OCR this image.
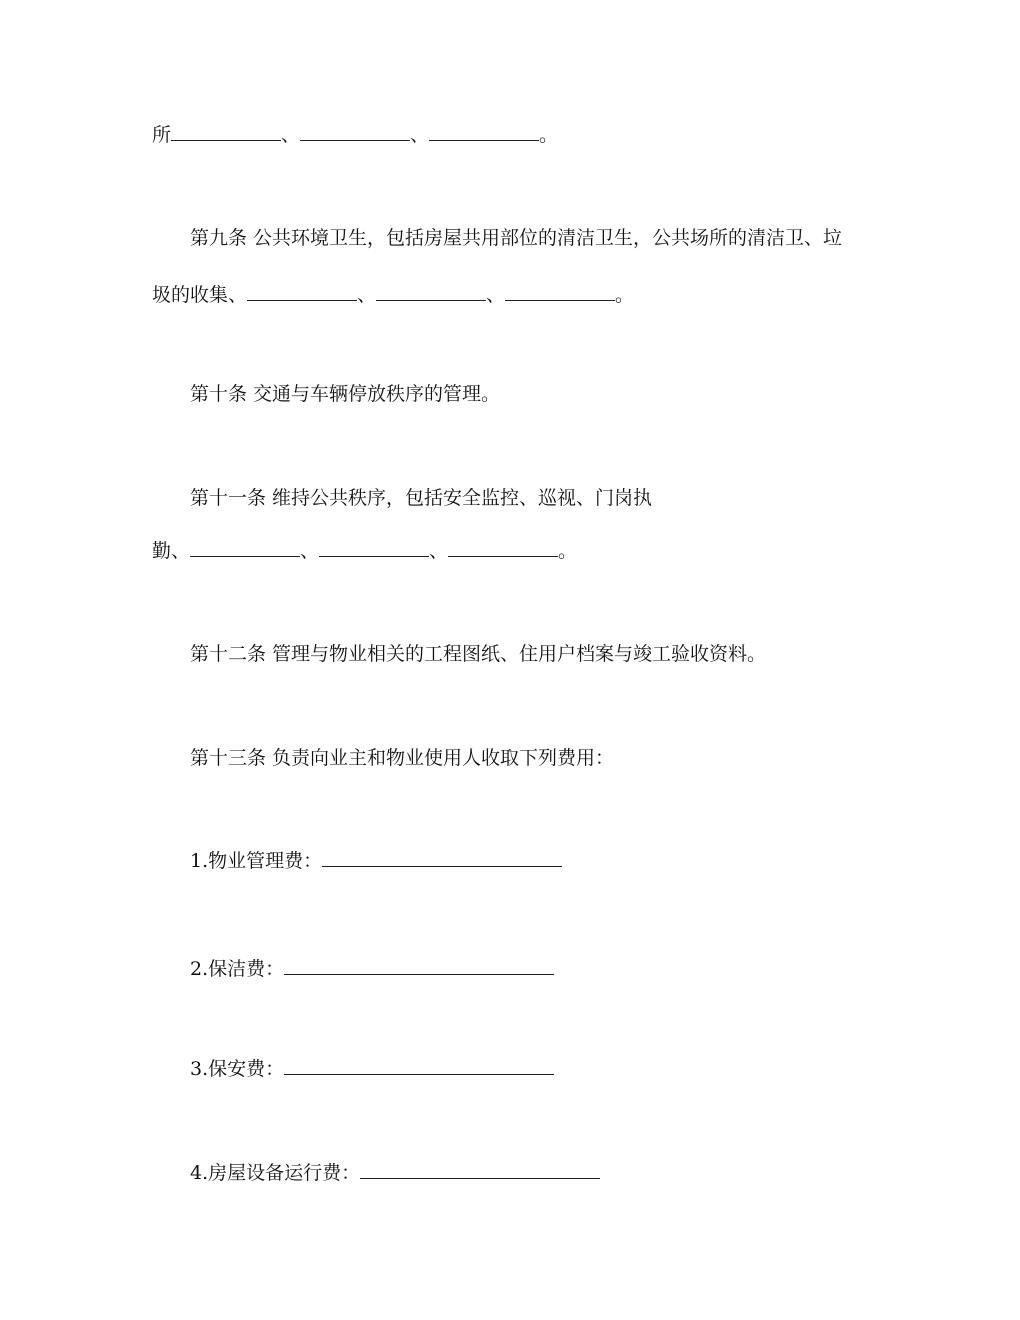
所	、	、	。
第九条 公共环境卫生，包括房屋共用部位的清洁卫生，公共场所的清洁卫、垃
圾的收集、	、	、	。
第十条 交通与车辆停放秩序的管理。
第十一条 维持公共秩序，包括安全监控、巡视、门岗执
勤、	、	、	。
第十二条 管理与物业相关的工程图纸、住用户档案与竣工验收资料。
第十三条 负责向业主和物业使用人收取下列费用：
1.物业管理费：
2.保洁费：
3.保安费：
4.房屋设备运行费：
